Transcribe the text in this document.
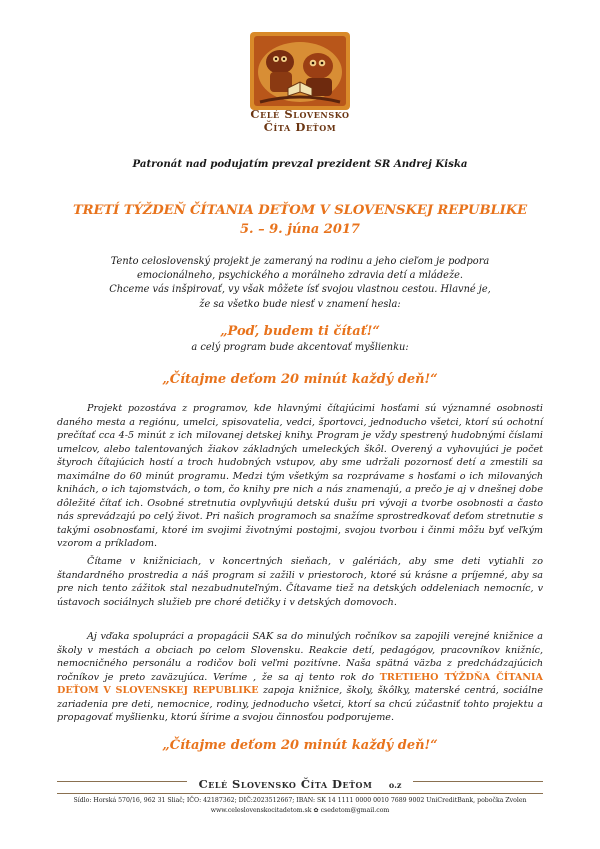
Celé Slovensko
Číta Deťom
Patronát nad podujatím prevzal prezident SR Andrej Kiska
TRETÍ TÝŽDEŇ ČÍTANIA DEŤOM V SLOVENSKEJ REPUBLIKE
5. – 9. júna 2017
Tento celoslovenský projekt je zameraný na rodinu a jeho cieľom je podpora
emocionálneho, psychického a morálneho zdravia detí a mládeže.
Chceme vás inšpirovať, vy však môžete ísť svojou vlastnou cestou. Hlavné je,
že sa všetko bude niesť v znamení hesla:
„Poď, budem ti čítať!“
a celý program bude akcentovať myšlienku:
„Čítajme deťom 20 minút každý deň!“
Projekt pozostáva z programov, kde hlavnými čítajúcimi hosťami sú významné osobnosti daného mesta a regiónu, umelci, spisovatelia, vedci, športovci, jednoducho všetci, ktorí sú ochotní prečítať cca 4-5 minút z ich milovanej detskej knihy. Program je vždy spestrený hudobnými číslami umelcov, alebo talentovaných žiakov základných umeleckých škôl. Overený a vyhovujúci je počet štyroch čítajúcich hostí a troch hudobných vstupov, aby sme udržali pozornosť detí a zmestili sa maximálne do 60 minút programu. Medzi tým všetkým sa rozprávame s hosťami o ich milovaných knihách, o ich tajomstvách, o tom, čo knihy pre nich a nás znamenajú, a prečo je aj v dnešnej dobe dôležité čítať ich. Osobné stretnutia ovplyvňujú detskú dušu pri vývoji a tvorbe osobnosti a často nás sprevádzajú po celý život. Pri našich programoch sa snažíme sprostredkovať deťom stretnutie s takými osobnosťami, ktoré im svojimi životnými postojmi, svojou tvorbou i činmi môžu byť veľkým vzorom a príkladom.
Čítame v knižniciach, v koncertných sieňach, v galériách, aby sme deti vytiahli zo štandardného prostredia a náš program si zažili v priestoroch, ktoré sú krásne a príjemné, aby sa pre nich tento zážitok stal nezabudnuteľným. Čítavame tiež na detských oddeleniach nemocníc, v ústavoch sociálnych služieb pre choré detičky i v detských domovoch.
Aj vďaka spolupráci a propagácii SAK sa do minulých ročníkov sa zapojili verejné knižnice a školy v mestách a obciach po celom Slovensku. Reakcie detí, pedagógov, pracovníkov knižníc, nemocničného personálu a rodičov boli veľmi pozitívne. Naša spätná väzba z predchádzajúcich ročníkov je preto zaväzujúca. Veríme , že sa aj tento rok do TRETIEHO TÝŽDŇA ČÍTANIA DEŤOM V SLOVENSKEJ REPUBLIKE zapoja knižnice, školy, škôlky, materské centrá, sociálne zariadenia pre deti, nemocnice, rodiny, jednoducho všetci, ktorí sa chcú zúčastniť tohto projektu a propagovať myšlienku, ktorú šírime a svojou činnosťou podporujeme.
„Čítajme deťom 20 minút každý deň!“
Celé Slovensko Číta Deťom o.z
Sídlo: Horská 570/16, 962 31 Sliač; IČO: 42187362; DIČ:2023512667; IBAN: SK 14 1111 0000 0010 7689 9002 UniCreditBank, pobočka Zvolen
www.celeslovenskocitadetom.sk ✿ csedetom@gmail.com
